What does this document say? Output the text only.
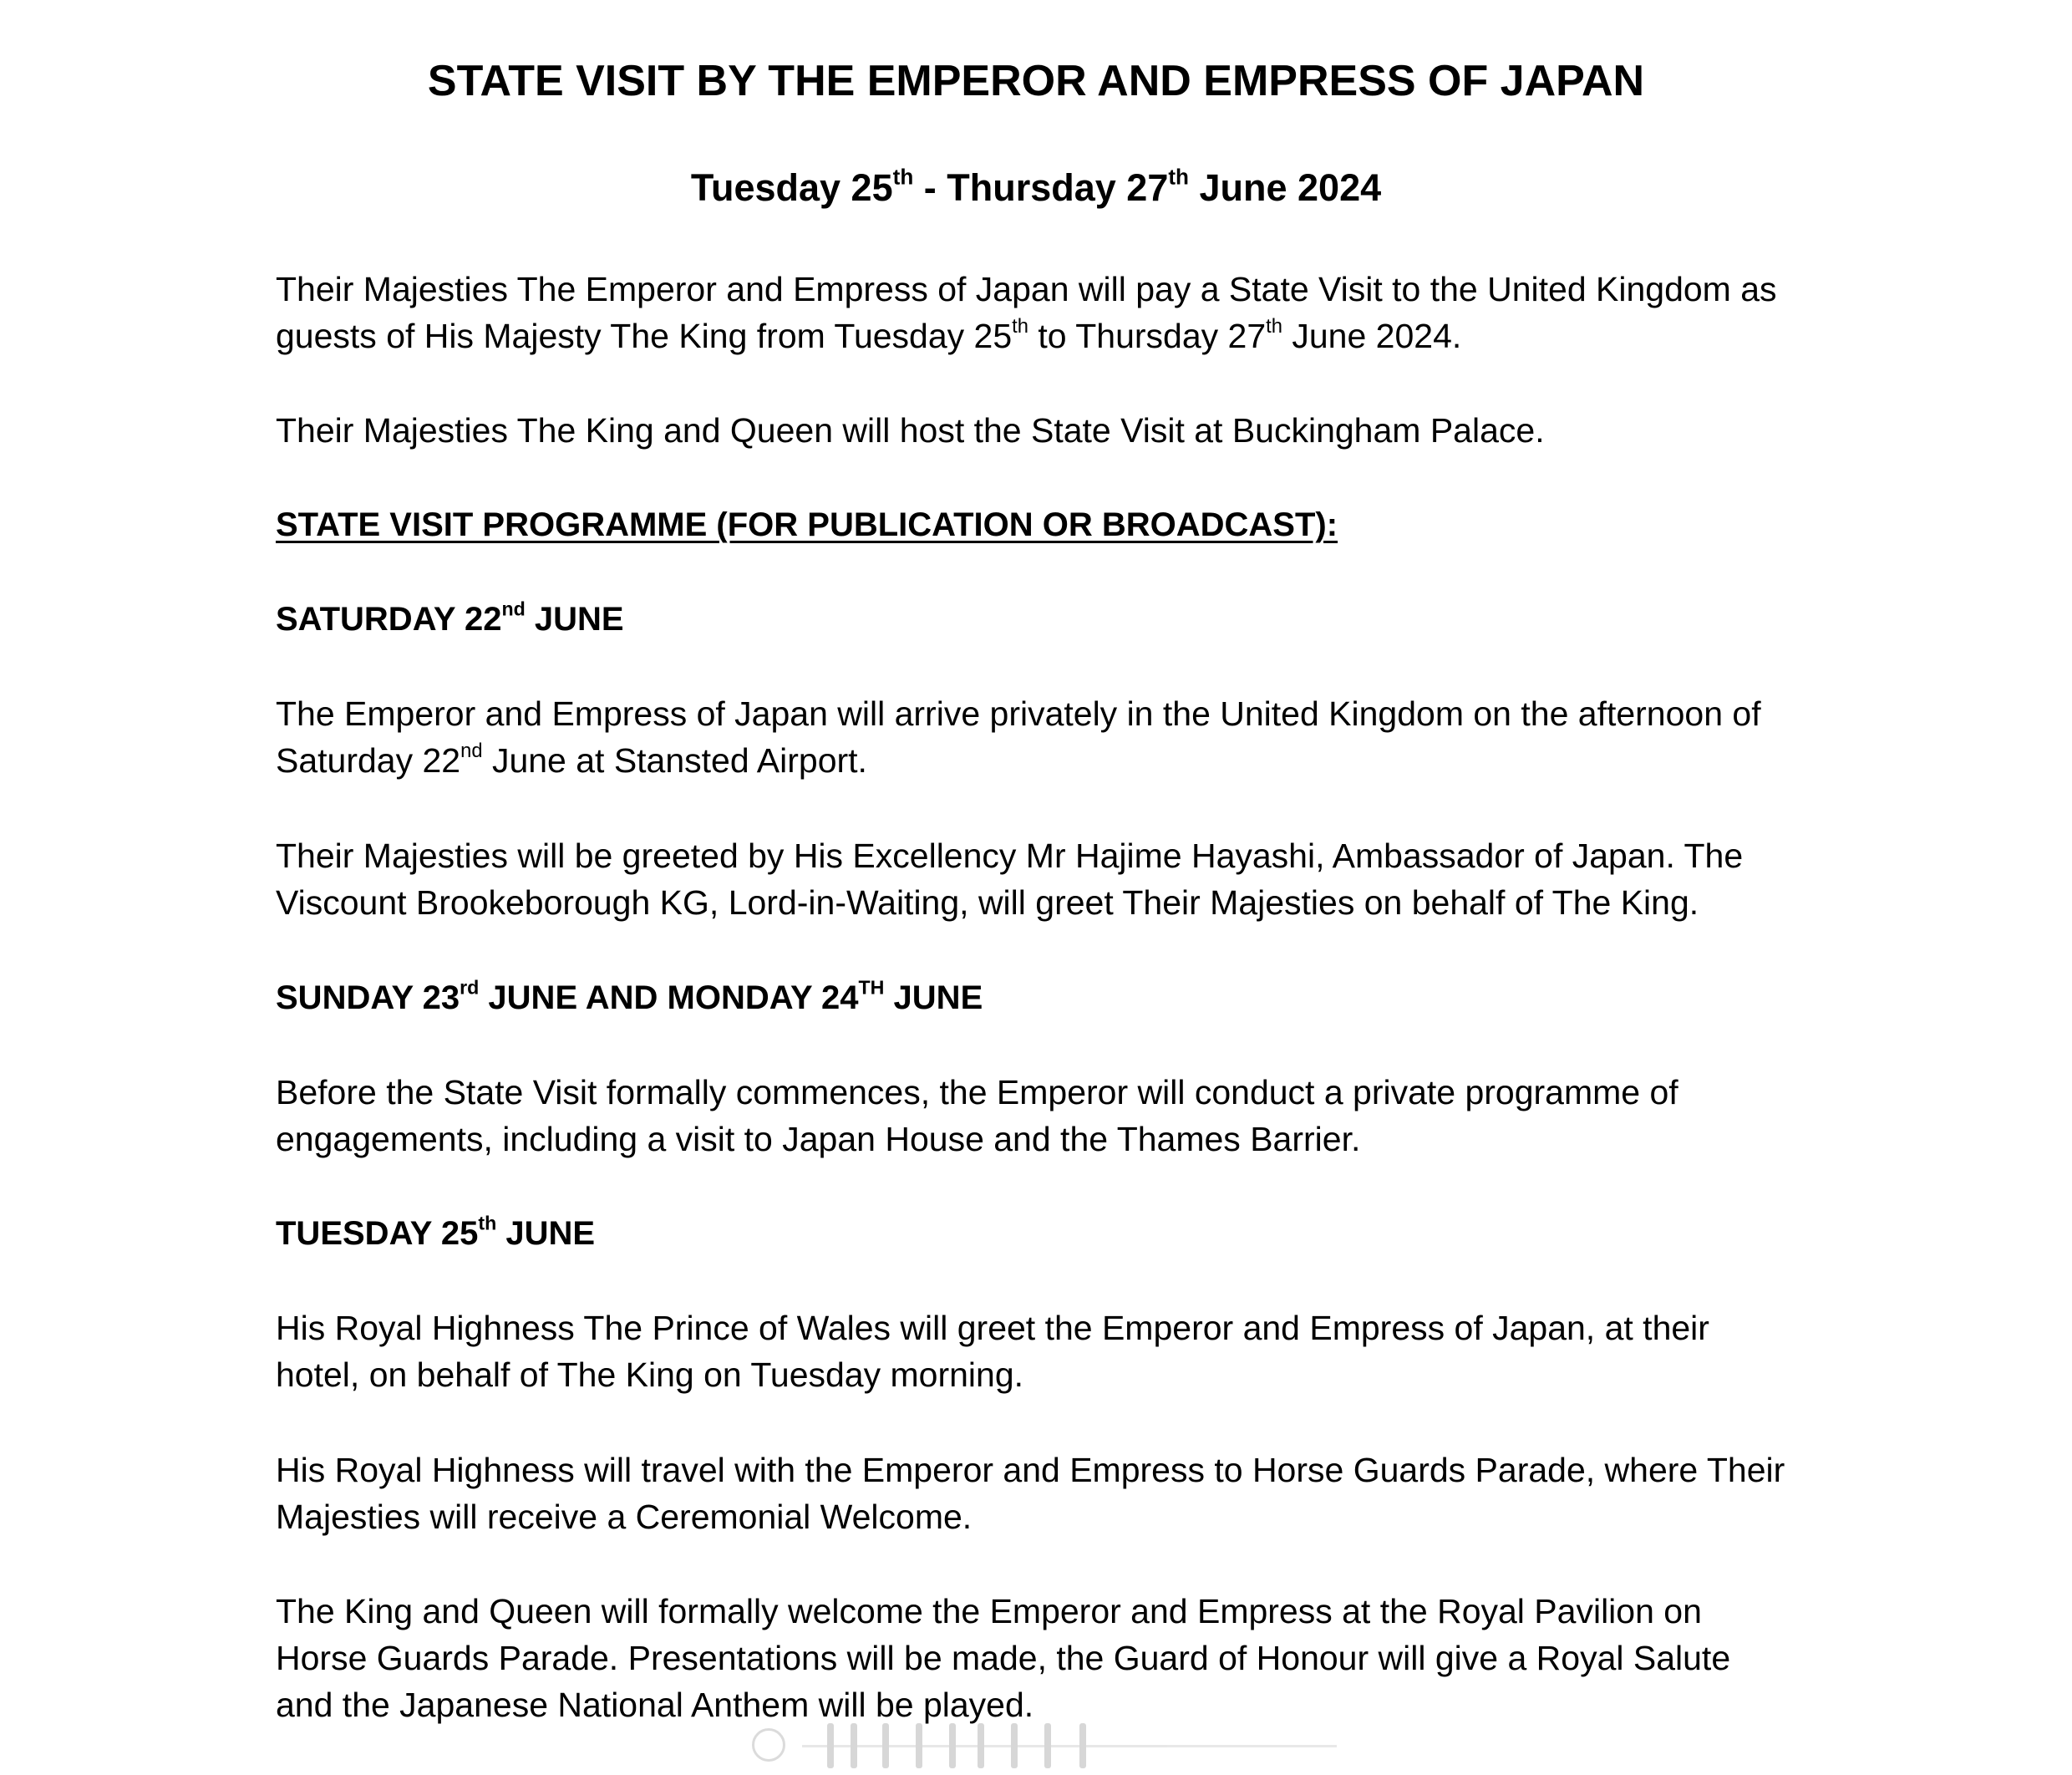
STATE VISIT BY THE EMPEROR AND EMPRESS OF JAPAN
Tuesday 25th - Thursday 27th June 2024
Their Majesties The Emperor and Empress of Japan will pay a State Visit to the United Kingdom as
guests of His Majesty The King from Tuesday 25th to Thursday 27th June 2024.
Their Majesties The King and Queen will host the State Visit at Buckingham Palace.
STATE VISIT PROGRAMME (FOR PUBLICATION OR BROADCAST):
SATURDAY 22nd JUNE
The Emperor and Empress of Japan will arrive privately in the United Kingdom on the afternoon of
Saturday 22nd June at Stansted Airport.
Their Majesties will be greeted by His Excellency Mr Hajime Hayashi, Ambassador of Japan. The
Viscount Brookeborough KG, Lord-in-Waiting, will greet Their Majesties on behalf of The King.
SUNDAY 23rd JUNE AND MONDAY 24TH JUNE
Before the State Visit formally commences, the Emperor will conduct a private programme of
engagements, including a visit to Japan House and the Thames Barrier.
TUESDAY 25th JUNE
His Royal Highness The Prince of Wales will greet the Emperor and Empress of Japan, at their
hotel, on behalf of The King on Tuesday morning.
His Royal Highness will travel with the Emperor and Empress to Horse Guards Parade, where Their
Majesties will receive a Ceremonial Welcome.
The King and Queen will formally welcome the Emperor and Empress at the Royal Pavilion on
Horse Guards Parade. Presentations will be made, the Guard of Honour will give a Royal Salute
and the Japanese National Anthem will be played.
